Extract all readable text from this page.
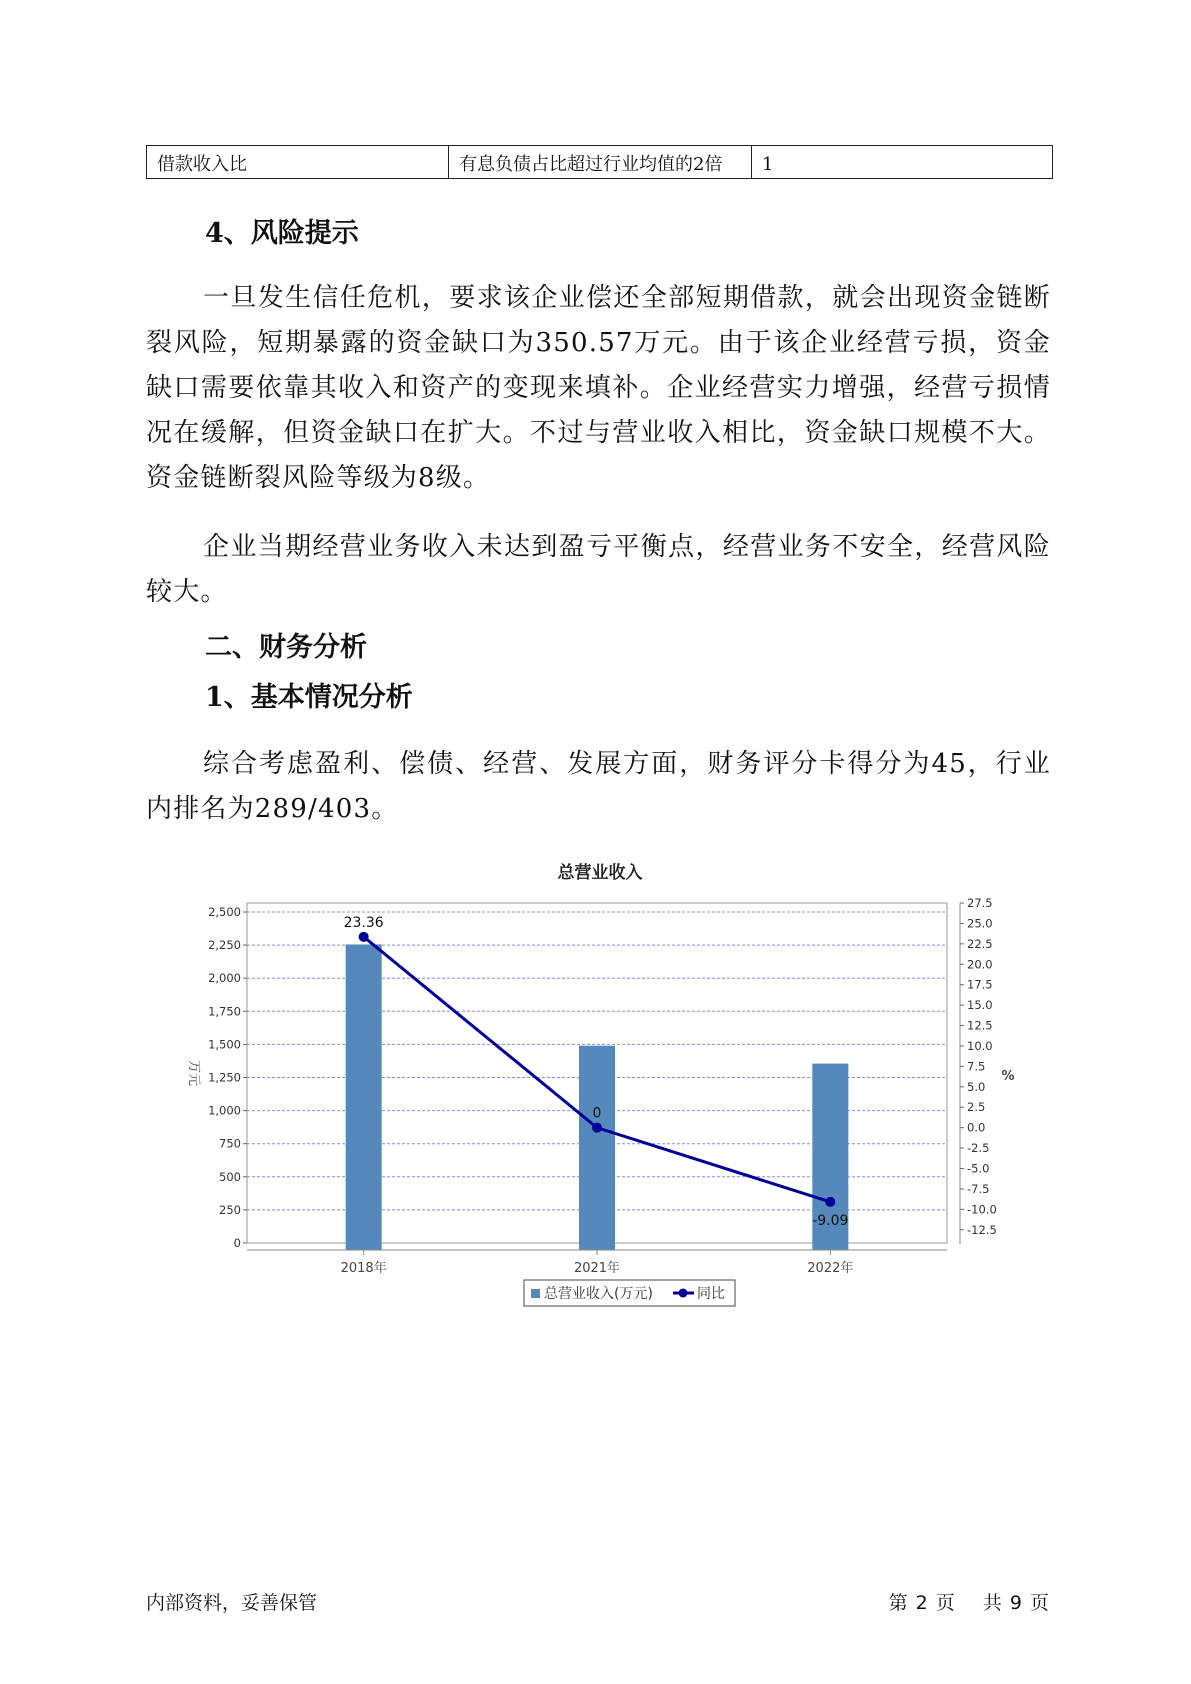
借款收入比	有息负债占比超过行业均值的2倍	1
4、风险提示

一旦发生信任危机，要求该企业偿还全部短期借款，就会出现资金链断裂风险，短期暴露的资金缺口为350.57万元。由于该企业经营亏损，资金缺口需要依靠其收入和资产的变现来填补。企业经营实力增强，经营亏损情况在缓解，但资金缺口在扩大。不过与营业收入相比，资金缺口规模不大。资金链断裂风险等级为8级。

企业当期经营业务收入未达到盈亏平衡点，经营业务不安全，经营风险较大。

二、财务分析
1、基本情况分析

综合考虑盈利、偿债、经营、发展方面，财务评分卡得分为45，行业内排名为289/403。

总营业收入
0
250
500
750
1,000
1,250
1,500
1,750
2,000
2,250
2,500
-12.5
-10.0
-7.5
-5.0
-2.5
0.0
2.5
5.0
7.5
10.0
12.5
15.0
17.5
20.0
22.5
25.0
27.5
万元	%
23.36
0
-9.09
2018年	2021年	2022年
总营业收入(万元)	同比
内部资料，妥善保管	第 2 页 共 9 页
